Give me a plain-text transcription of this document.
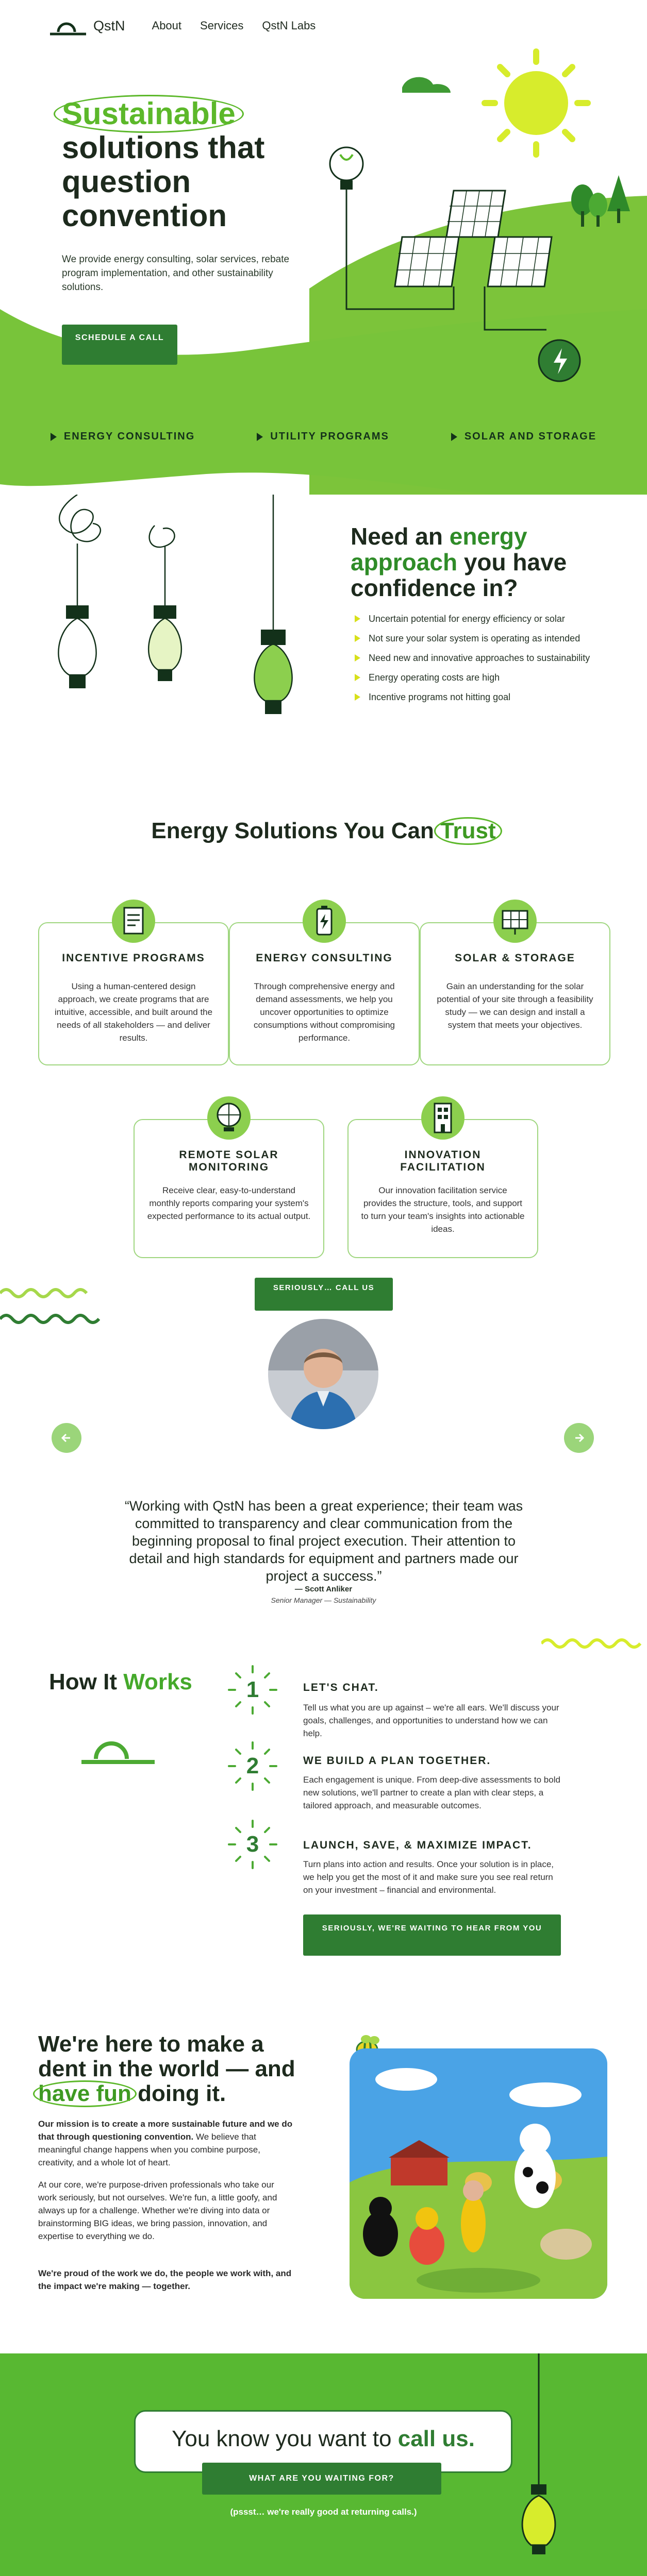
QstN About Services QstN Labs
Sustainable
solutions that question convention

We provide energy consulting, solar services, rebate program implementation, and other sustainability solutions.

SCHEDULE A CALL
ENERGY CONSULTING	UTILITY PROGRAMS	SOLAR AND STORAGE
Need an energy approach you have confidence in?
Uncertain potential for energy efficiency or solar
Not sure your solar system is operating as intended
Need new and innovative approaches to sustainability
Energy operating costs are high
Incentive programs not hitting goal
Energy Solutions You Can Trust
INCENTIVE PROGRAMS

Using a human-centered design approach, we create programs that are intuitive, accessible, and built around the needs of all stakeholders — and deliver results.

ENERGY CONSULTING

Through comprehensive energy and demand assessments, we help you uncover opportunities to optimize consumptions without compromising performance.

SOLAR & STORAGE

Gain an understanding for the solar potential of your site through a feasibility study — we can design and install a system that meets your objectives.

REMOTE SOLAR MONITORING

Receive clear, easy-to-understand monthly reports comparing your system's expected performance to its actual output.

INNOVATION FACILITATION

Our innovation facilitation service provides the structure, tools, and support to turn your team's insights into actionable ideas.

SERIOUSLY… CALL US

“Working with QstN has been a great experience; their team was committed to transparency and clear communication from the beginning proposal to final project execution. Their attention to detail and high standards for equipment and partners made our project a success.”

— Scott Anliker
Senior Manager — Sustainability
How It Works 1	LET'S CHAT.

Tell us what you are up against – we're all ears. We'll discuss your goals, challenges, and opportunities to understand how we can help.

2	WE BUILD A PLAN TOGETHER.

Each engagement is unique. From deep-dive assessments to bold new solutions, we'll partner to create a plan with clear steps, a tailored approach, and measurable outcomes.

3	LAUNCH, SAVE, & MAXIMIZE IMPACT.

Turn plans into action and results. Once your solution is in place, we help you get the most of it and make sure you see real return on your investment – financial and environmental.

SERIOUSLY, WE'RE WAITING TO HEAR FROM YOU
We're here to make a dent in the world — and
have fun doing it.

Our mission is to create a more sustainable future and we do that through questioning convention. We believe that meaningful change happens when you combine purpose, creativity, and a whole lot of heart.

At our core, we're purpose-driven professionals who take our work seriously, but not ourselves. We're fun, a little goofy, and always up for a challenge. Whether we're diving into data or brainstorming BIG ideas, we bring passion, innovation, and expertise to everything we do.

We're proud of the work we do, the people we work with, and the impact we're making — together.

You know you want to call us.
WHAT ARE YOU WAITING FOR?

(pssst… we're really good at returning calls.)
